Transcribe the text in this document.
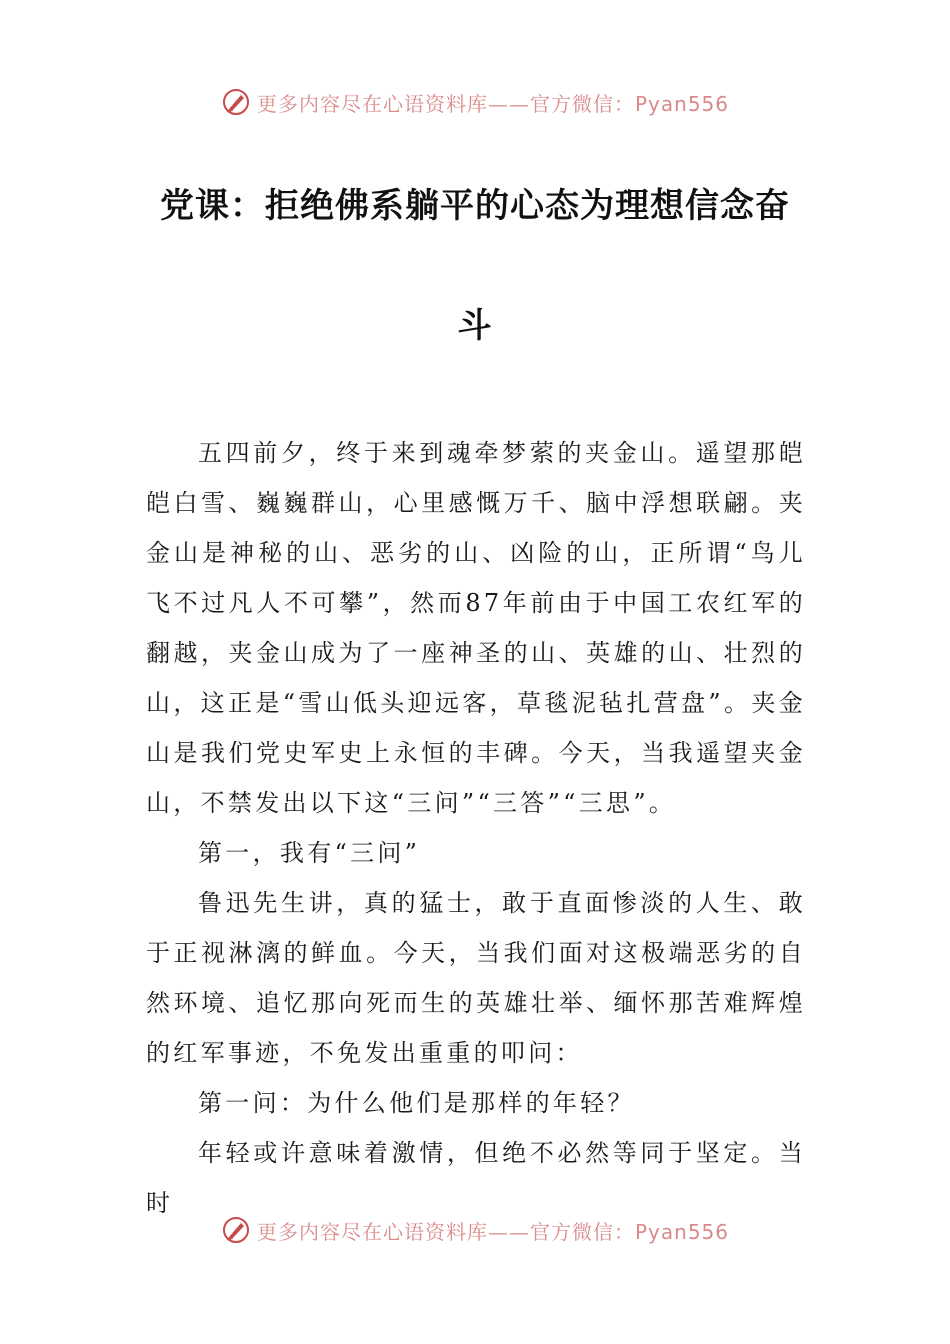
更多内容尽在心语资料库——官方微信：Pyan556
党课：拒绝佛系躺平的心态为理想信念奋
斗

五四前夕，终于来到魂牵梦萦的夹金山。遥望那皑皑白雪、巍巍群山，心里感慨万千、脑中浮想联翩。夹金山是神秘的山、恶劣的山、凶险的山，正所谓“鸟儿飞不过凡人不可攀”，然而87年前由于中国工农红军的翻越，夹金山成为了一座神圣的山、英雄的山、壮烈的山，这正是“雪山低头迎远客，草毯泥毡扎营盘”。夹金山是我们党史军史上永恒的丰碑。今天，当我遥望夹金山，不禁发出以下这“三问”“三答”“三思”。

第一，我有“三问”

鲁迅先生讲，真的猛士，敢于直面惨淡的人生、敢于正视淋漓的鲜血。今天，当我们面对这极端恶劣的自然环境、追忆那向死而生的英雄壮举、缅怀那苦难辉煌的红军事迹，不免发出重重的叩问：

第一问：为什么他们是那样的年轻？

年轻或许意味着激情，但绝不必然等同于坚定。当时

更多内容尽在心语资料库——官方微信：Pyan556
